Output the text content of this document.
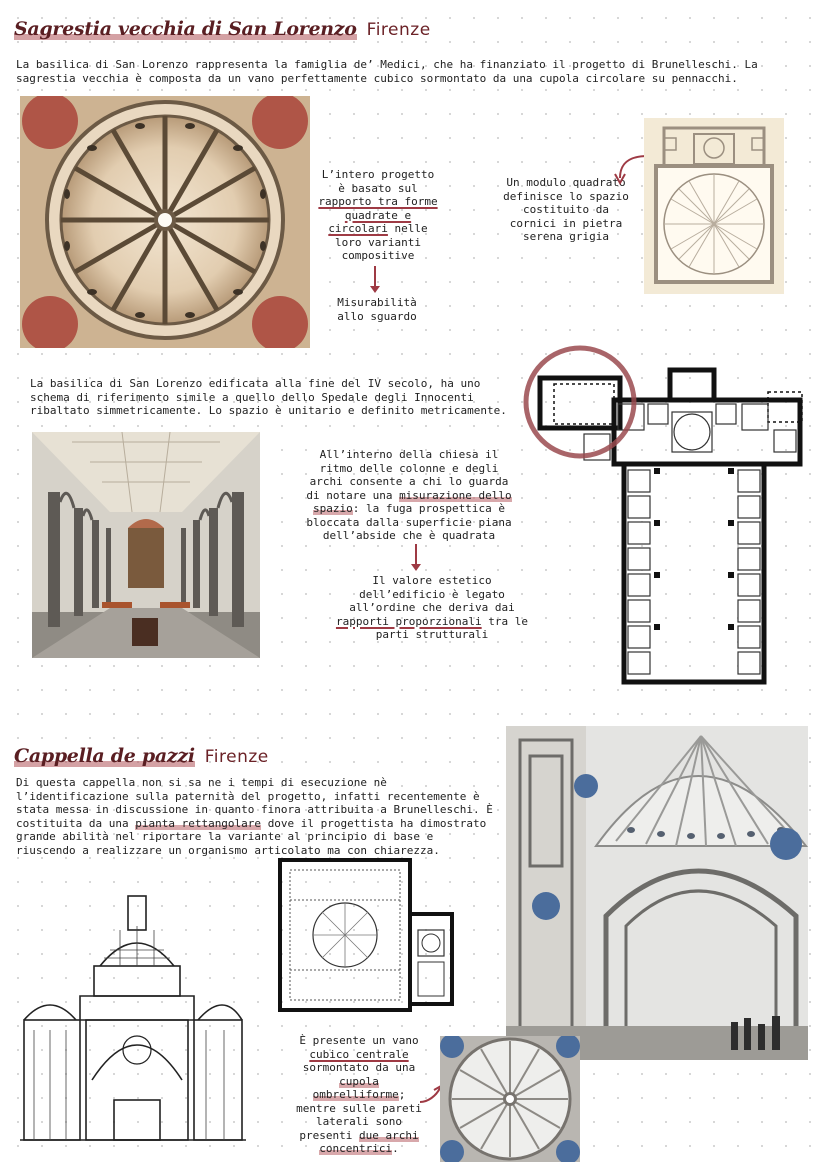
Sagrestia vecchia di San Lorenzo Firenze
La basilica di San Lorenzo rappresenta la famiglia de’ Medici, che ha finanziato il progetto di Brunelleschi. La sagrestia vecchia è composta da un vano perfettamente cubico sormontato da una cupola circolare su pennacchi.
L’intero progetto è basato sul rapporto tra forme quadrate e circolari nelle loro varianti compositive
Misurabilità allo sguardo
Un modulo quadrato definisce lo spazio costituito da cornici in pietra serena grigia
La basilica di San Lorenzo edificata alla fine del IV secolo, ha uno schema di riferimento simile a quello dello Spedale degli Innocenti ribaltato simmetricamente. Lo spazio è unitario e definito metricamente.
All’interno della chiesa il ritmo delle colonne e degli archi consente a chi lo guarda di notare una misurazione dello spazio: la fuga prospettica è bloccata dalla superficie piana dell’abside che è quadrata
Il valore estetico dell’edificio è legato all’ordine che deriva dai rapporti proporzionali tra le parti strutturali
Cappella de pazzi Firenze
Di questa cappella non si sa ne i tempi di esecuzione nè l’identificazione sulla paternità del progetto, infatti recentemente è stata messa in discussione in quanto finora attribuita a Brunelleschi. È costituita da una pianta rettangolare dove il progettista ha dimostrato grande abilità nel riportare la variante al principio di base e riuscendo a realizzare un organismo articolato ma con chiarezza.
È presente un vano cubico centrale sormontato da una cupola ombrelliforme; mentre sulle pareti laterali sono presenti due archi concentrici.
